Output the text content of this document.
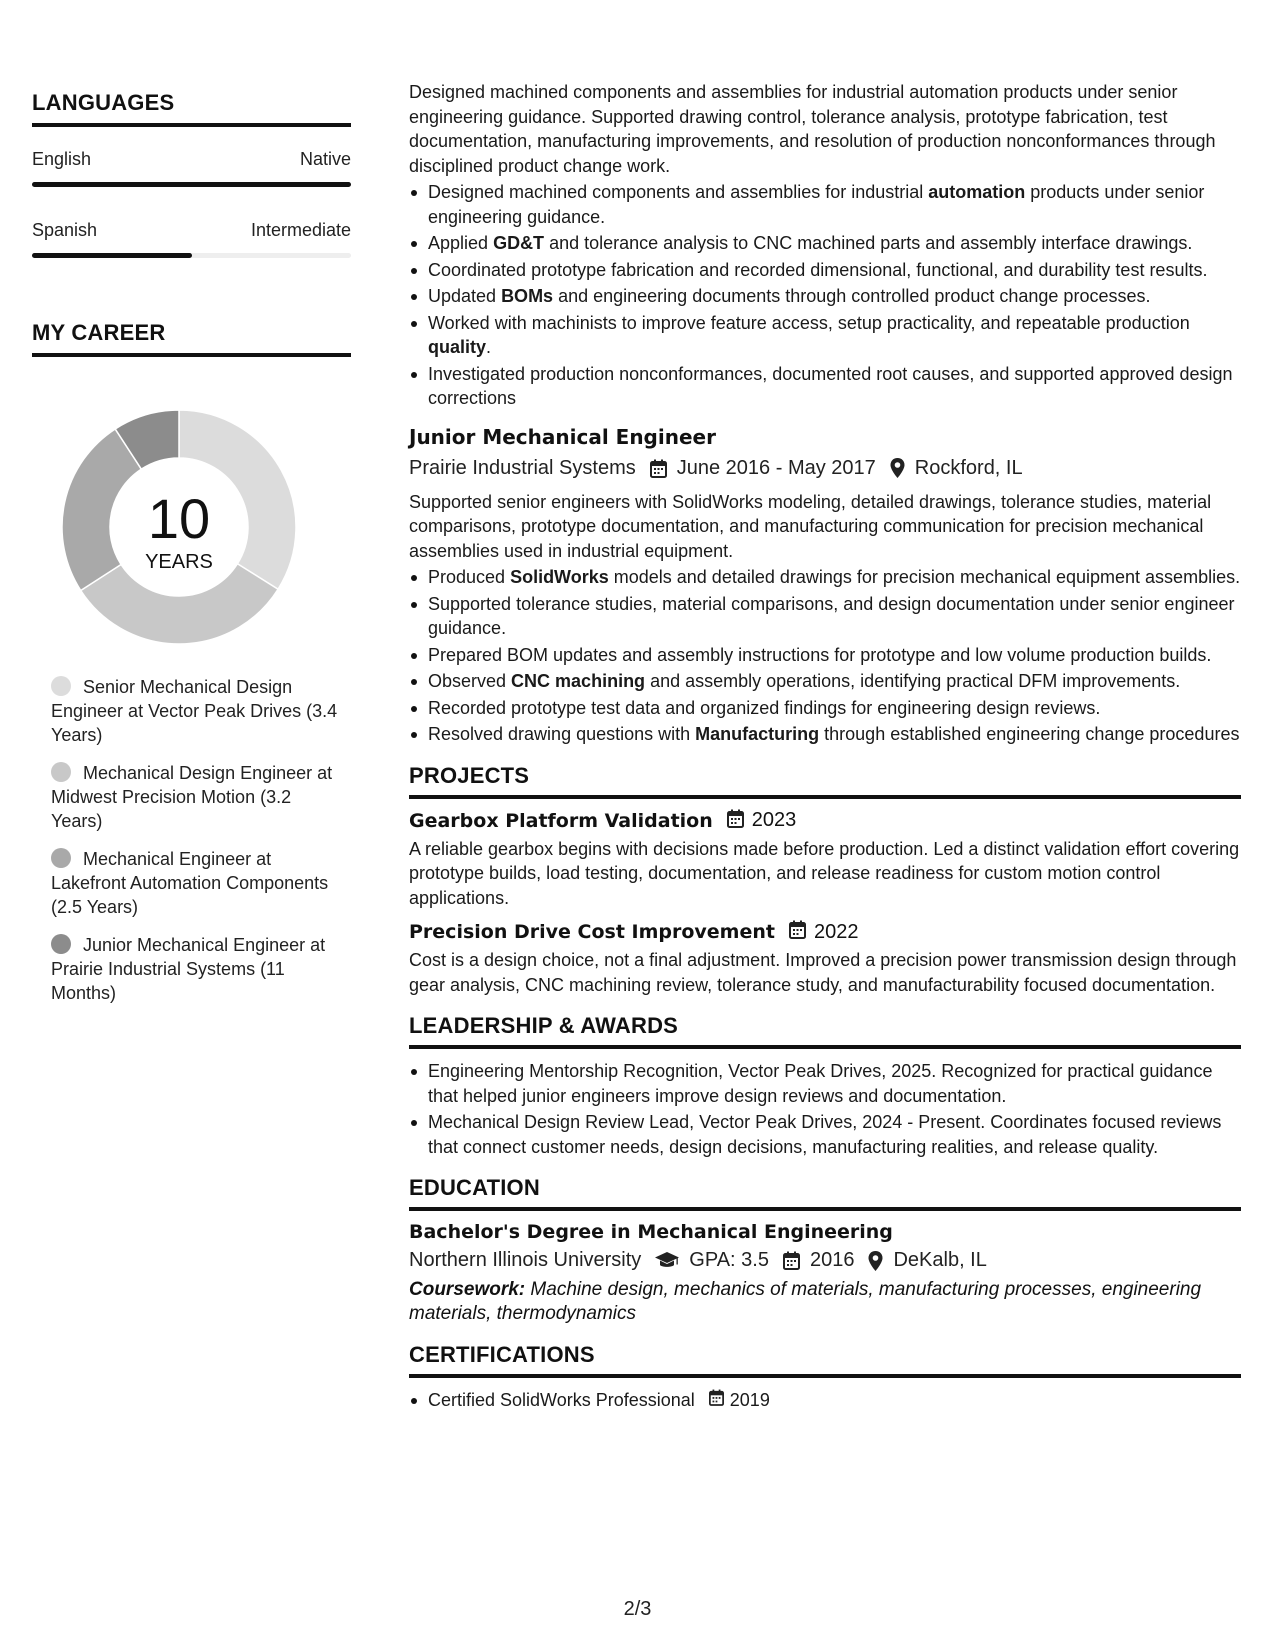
LANGUAGES
English	Native
Spanish	Intermediate
MY CAREER
10
YEARS
Senior Mechanical Design Engineer at Vector Peak Drives (3.4 Years)
Mechanical Design Engineer at Midwest Precision Motion (3.2 Years)
Mechanical Engineer at Lakefront Automation Components (2.5 Years)
Junior Mechanical Engineer at Prairie Industrial Systems (11 Months)

Designed machined components and assemblies for industrial automation products under senior engineering guidance. Supported drawing control, tolerance analysis, prototype fabrication, test documentation, manufacturing improvements, and resolution of production nonconformances through disciplined product change work.

Designed machined components and assemblies for industrial automation products under senior engineering guidance.
Applied GD&T and tolerance analysis to CNC machined parts and assembly interface drawings.
Coordinated prototype fabrication and recorded dimensional, functional, and durability test results.
Updated BOMs and engineering documents through controlled product change processes.
Worked with machinists to improve feature access, setup practicality, and repeatable production quality.
Investigated production nonconformances, documented root causes, and supported approved design corrections
Junior Mechanical Engineer
Prairie Industrial Systems June 2016 - May 2017 Rockford, IL

Supported senior engineers with SolidWorks modeling, detailed drawings, tolerance studies, material comparisons, prototype documentation, and manufacturing communication for precision mechanical assemblies used in industrial equipment.

Produced SolidWorks models and detailed drawings for precision mechanical equipment assemblies.
Supported tolerance studies, material comparisons, and design documentation under senior engineer guidance.
Prepared BOM updates and assembly instructions for prototype and low volume production builds.
Observed CNC machining and assembly operations, identifying practical DFM improvements.
Recorded prototype test data and organized findings for engineering design reviews.
Resolved drawing questions with Manufacturing through established engineering change procedures
PROJECTS
Gearbox Platform Validation 2023

A reliable gearbox begins with decisions made before production. Led a distinct validation effort covering prototype builds, load testing, documentation, and release readiness for custom motion control applications.

Precision Drive Cost Improvement 2022

Cost is a design choice, not a final adjustment. Improved a precision power transmission design through gear analysis, CNC machining review, tolerance study, and manufacturability focused documentation.

LEADERSHIP & AWARDS
Engineering Mentorship Recognition, Vector Peak Drives, 2025. Recognized for practical guidance that helped junior engineers improve design reviews and documentation.
Mechanical Design Review Lead, Vector Peak Drives, 2024 - Present. Coordinates focused reviews that connect customer needs, design decisions, manufacturing realities, and release quality.
EDUCATION
Bachelor's Degree in Mechanical Engineering
Northern Illinois University GPA: 3.5 2016 DeKalb, IL

Coursework: Machine design, mechanics of materials, manufacturing processes, engineering materials, thermodynamics

CERTIFICATIONS
Certified SolidWorks Professional 2019
2/3
